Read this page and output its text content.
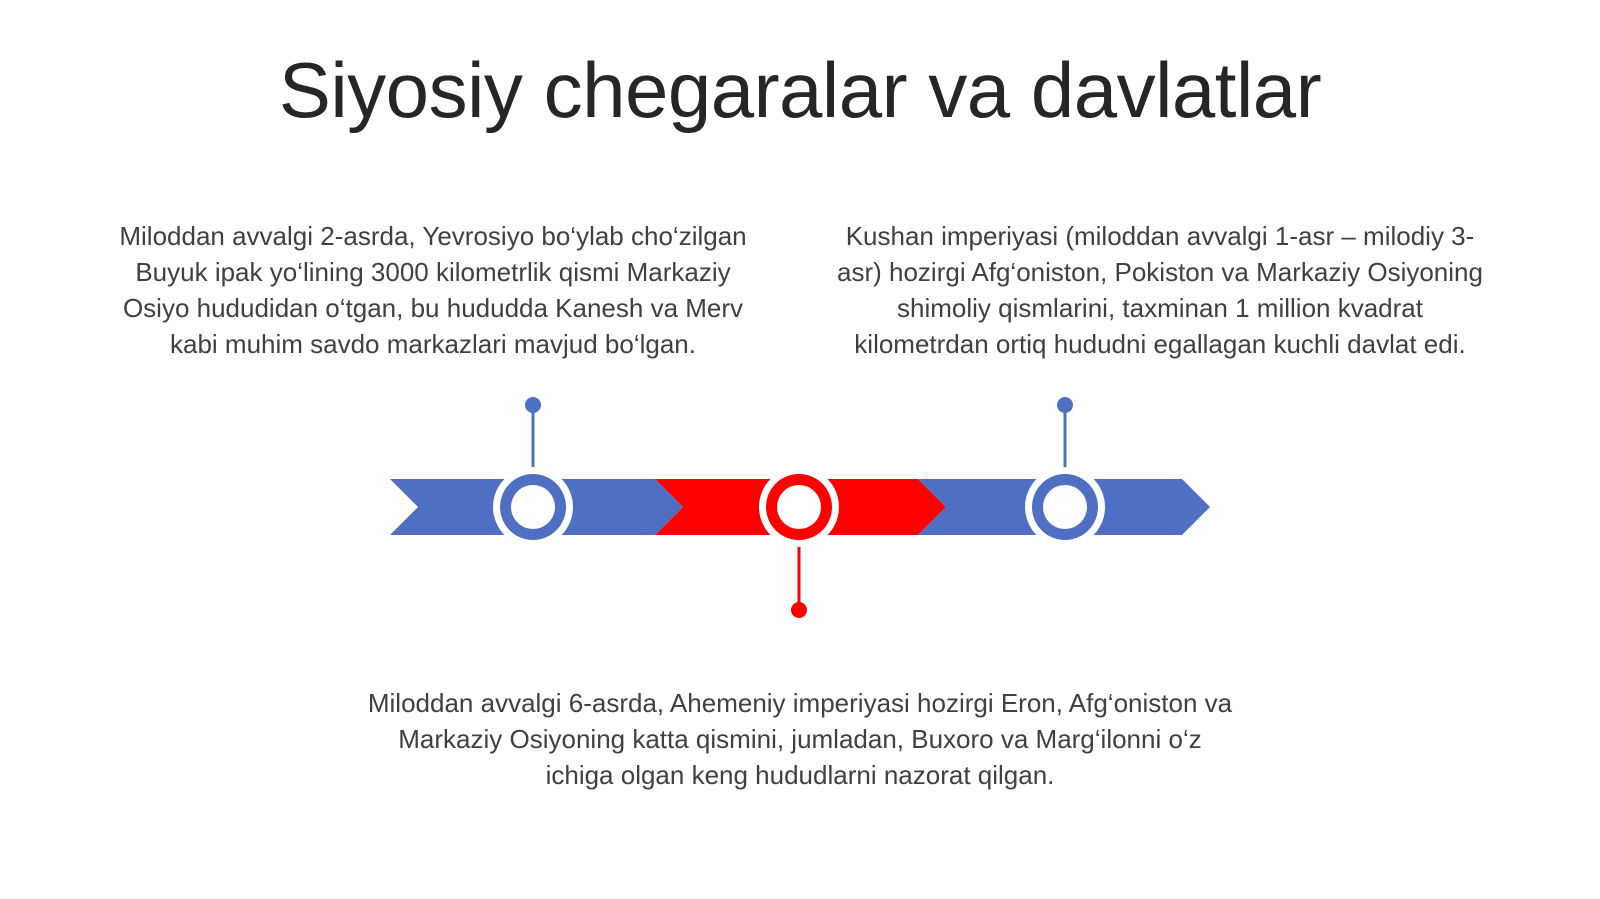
Siyosiy chegaralar va davlatlar
Miloddan avvalgi 2-asrda, Yevrosiyo bo‘ylab cho‘zilgan
Buyuk ipak yo‘lining 3000 kilometrlik qismi Markaziy
Osiyo hududidan o‘tgan, bu hududda Kanesh va Merv
kabi muhim savdo markazlari mavjud bo‘lgan.
Kushan imperiyasi (miloddan avvalgi 1-asr – milodiy 3-
asr) hozirgi Afg‘oniston, Pokiston va Markaziy Osiyoning
shimoliy qismlarini, taxminan 1 million kvadrat
kilometrdan ortiq hududni egallagan kuchli davlat edi.
Miloddan avvalgi 6-asrda, Ahemeniy imperiyasi hozirgi Eron, Afg‘oniston va
Markaziy Osiyoning katta qismini, jumladan, Buxoro va Marg‘ilonni o‘z
ichiga olgan keng hududlarni nazorat qilgan.
